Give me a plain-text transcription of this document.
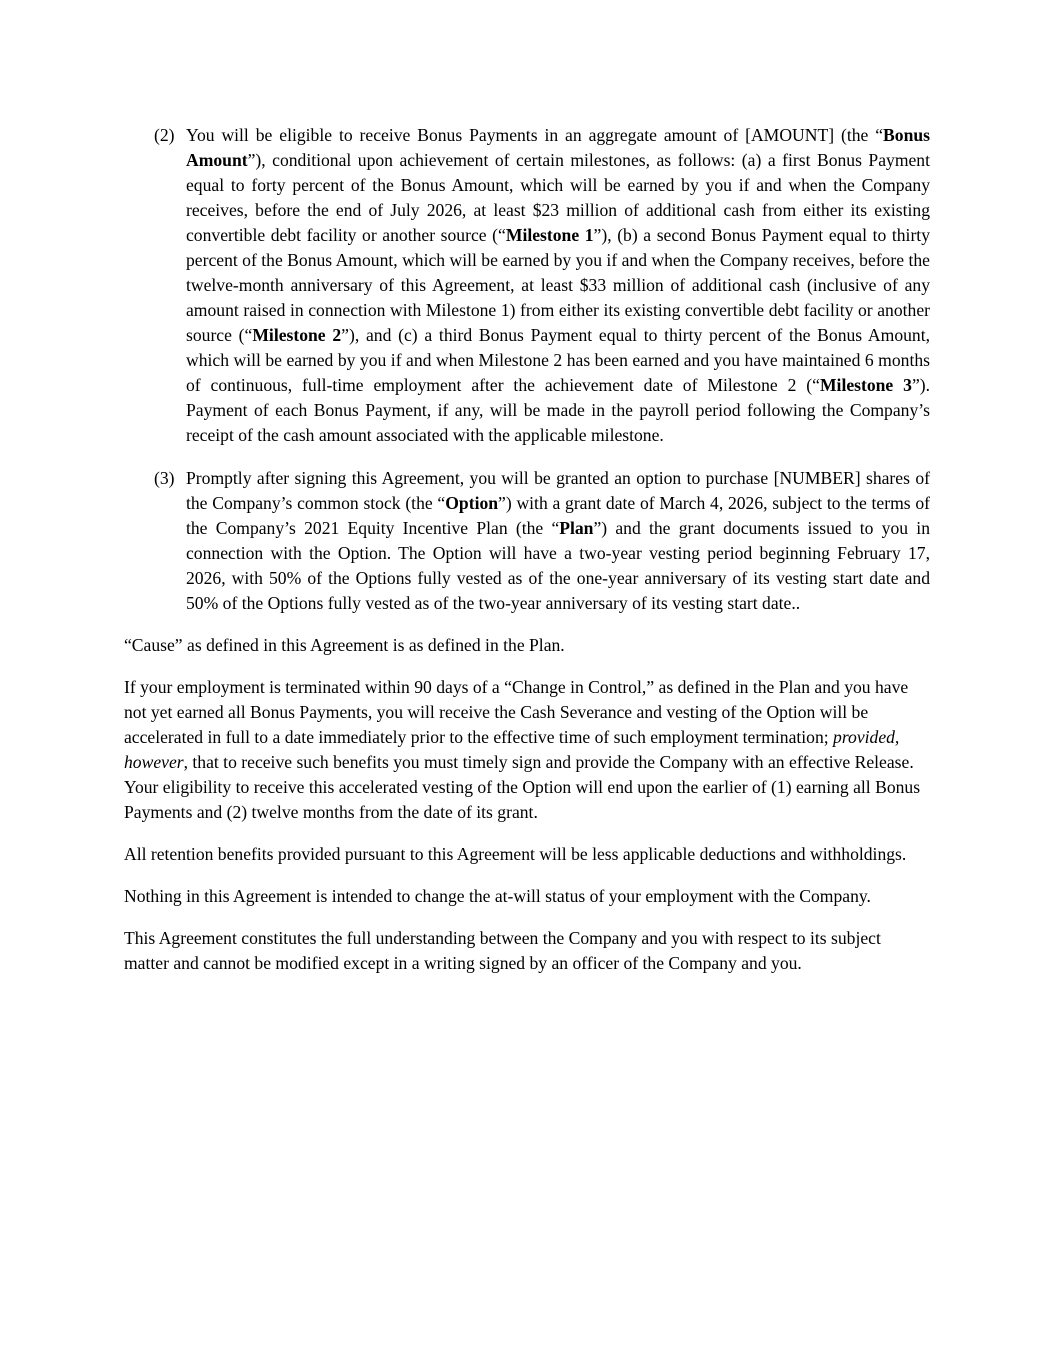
(2) You will be eligible to receive Bonus Payments in an aggregate amount of [AMOUNT] (the “Bonus Amount”), conditional upon achievement of certain milestones, as follows: (a) a first Bonus Payment equal to forty percent of the Bonus Amount, which will be earned by you if and when the Company receives, before the end of July 2026, at least $23 million of additional cash from either its existing convertible debt facility or another source (“Milestone 1”), (b) a second Bonus Payment equal to thirty percent of the Bonus Amount, which will be earned by you if and when the Company receives, before the twelve-month anniversary of this Agreement, at least $33 million of additional cash (inclusive of any amount raised in connection with Milestone 1) from either its existing convertible debt facility or another source (“Milestone 2”), and (c) a third Bonus Payment equal to thirty percent of the Bonus Amount, which will be earned by you if and when Milestone 2 has been earned and you have maintained 6 months of continuous, full-time employment after the achievement date of Milestone 2 (“Milestone 3”). Payment of each Bonus Payment, if any, will be made in the payroll period following the Company’s receipt of the cash amount associated with the applicable milestone.
(3) Promptly after signing this Agreement, you will be granted an option to purchase [NUMBER] shares of the Company’s common stock (the “Option”) with a grant date of March 4, 2026, subject to the terms of the Company’s 2021 Equity Incentive Plan (the “Plan”) and the grant documents issued to you in connection with the Option. The Option will have a two-year vesting period beginning February 17, 2026, with 50% of the Options fully vested as of the one-year anniversary of its vesting start date and 50% of the Options fully vested as of the two-year anniversary of its vesting start date..

“Cause” as defined in this Agreement is as defined in the Plan.

If your employment is terminated within 90 days of a “Change in Control,” as defined in the Plan and you have not yet earned all Bonus Payments, you will receive the Cash Severance and vesting of the Option will be accelerated in full to a date immediately prior to the effective time of such employment termination; provided, however, that to receive such benefits you must timely sign and provide the Company with an effective Release. Your eligibility to receive this accelerated vesting of the Option will end upon the earlier of (1) earning all Bonus Payments and (2) twelve months from the date of its grant.

All retention benefits provided pursuant to this Agreement will be less applicable deductions and withholdings.

Nothing in this Agreement is intended to change the at-will status of your employment with the Company.

This Agreement constitutes the full understanding between the Company and you with respect to its subject matter and cannot be modified except in a writing signed by an officer of the Company and you.
